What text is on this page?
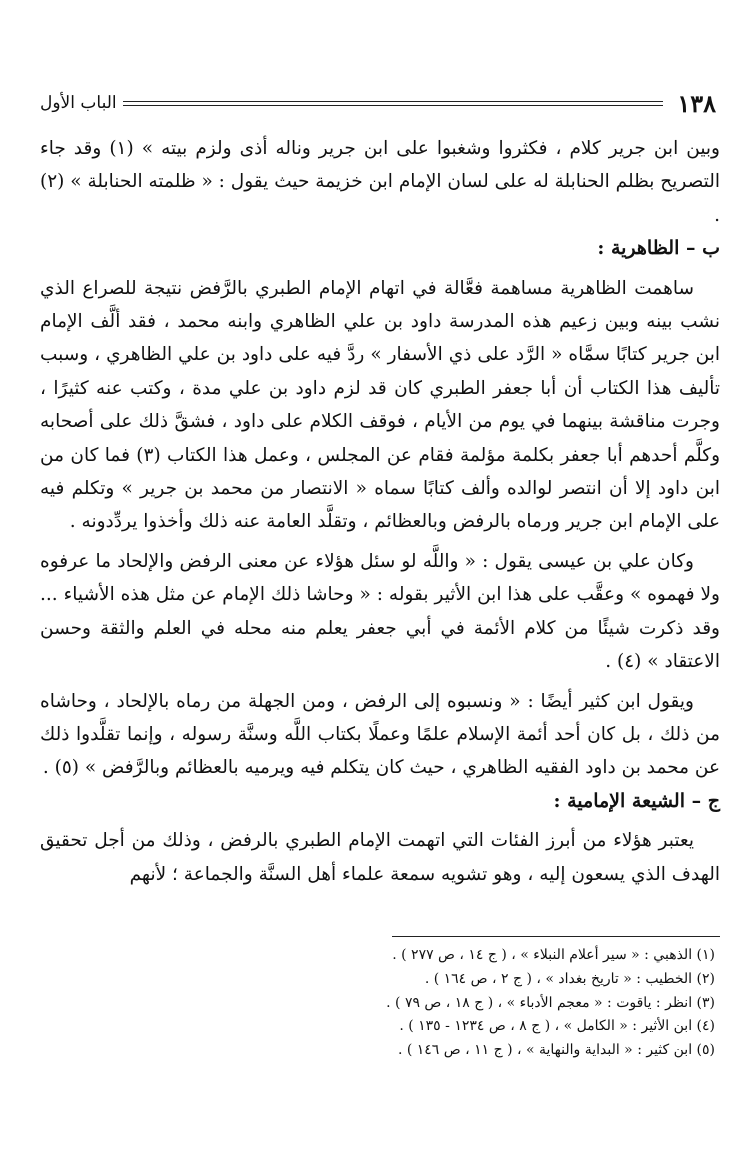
١٣٨
الباب الأول

وبين ابن جرير كلام ، فكثروا وشغبوا على ابن جرير وناله أذى ولزم بيته » (١) وقد جاء التصريح بظلم الحنابلة له على لسان الإمام ابن خزيمة حيث يقول : « ظلمته الحنابلة » (٢) .

ب – الظاهرية :

ساهمت الظاهرية مساهمة فعَّالة في اتهام الإمام الطبري بالرَّفض نتيجة للصراع الذي نشب بينه وبين زعيم هذه المدرسة داود بن علي الظاهري وابنه محمد ، فقد ألَّف الإمام ابن جرير كتابًا سمَّاه « الرَّد على ذي الأسفار » ردَّ فيه على داود بن علي الظاهري ، وسبب تأليف هذا الكتاب أن أبا جعفر الطبري كان قد لزم داود بن علي مدة ، وكتب عنه كثيرًا ، وجرت مناقشة بينهما في يوم من الأيام ، فوقف الكلام على داود ، فشقَّ ذلك على أصحابه وكلَّم أحدهم أبا جعفر بكلمة مؤلمة فقام عن المجلس ، وعمل هذا الكتاب (٣) فما كان من ابن داود إلا أن انتصر لوالده وألف كتابًا سماه « الانتصار من محمد بن جرير » وتكلم فيه على الإمام ابن جرير ورماه بالرفض وبالعظائم ، وتقلَّد العامة عنه ذلك وأخذوا يردِّدونه .

وكان علي بن عيسى يقول : « واللَّه لو سئل هؤلاء عن معنى الرفض والإلحاد ما عرفوه ولا فهموه » وعقَّب على هذا ابن الأثير بقوله : « وحاشا ذلك الإمام عن مثل هذه الأشياء ... وقد ذكرت شيئًا من كلام الأئمة في أبي جعفر يعلم منه محله في العلم والثقة وحسن الاعتقاد » (٤) .

ويقول ابن كثير أيضًا : « ونسبوه إلى الرفض ، ومن الجهلة من رماه بالإلحاد ، وحاشاه من ذلك ، بل كان أحد أئمة الإسلام علمًا وعملًا بكتاب اللَّه وسنَّة رسوله ، وإنما تقلَّدوا ذلك عن محمد بن داود الفقيه الظاهري ، حيث كان يتكلم فيه ويرميه بالعظائم وبالرَّفض » (٥) .

ج – الشيعة الإمامية :

يعتبر هؤلاء من أبرز الفئات التي اتهمت الإمام الطبري بالرفض ، وذلك من أجل تحقيق الهدف الذي يسعون إليه ، وهو تشويه سمعة علماء أهل السنَّة والجماعة ؛ لأنهم

(١) الذهبي : « سير أعلام النبلاء » ، ( ج ١٤ ، ص ٢٧٧ ) .

(٢) الخطيب : « تاريخ بغداد » ، ( ج ٢ ، ص ١٦٤ ) .

(٣) انظر : ياقوت : « معجم الأدباء » ، ( ج ١٨ ، ص ٧٩ ) .

(٤) ابن الأثير : « الكامل » ، ( ج ٨ ، ص ١٢٣٤ - ١٣٥ ) .

(٥) ابن كثير : « البداية والنهاية » ، ( ج ١١ ، ص ١٤٦ ) .
